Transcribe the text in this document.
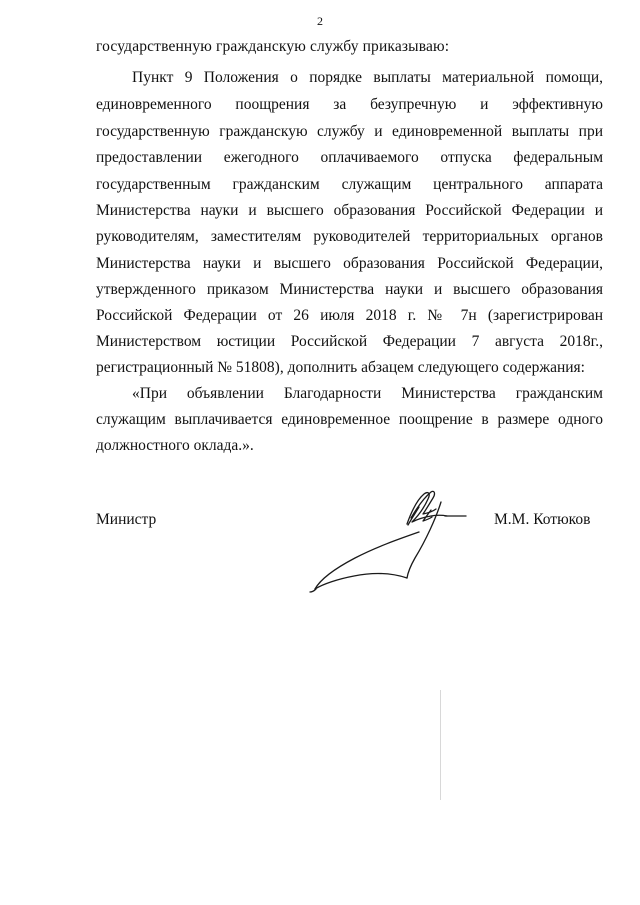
2
государственную гражданскую службу приказываю:
Пункт 9 Положения о порядке выплаты материальной помощи,
единовременного поощрения за безупречную и эффективную
государственную гражданскую службу и единовременной выплаты при
предоставлении ежегодного оплачиваемого отпуска федеральным
государственным гражданским служащим центрального аппарата
Министерства науки и высшего образования Российской Федерации и
руководителям, заместителям руководителей территориальных органов
Министерства науки и высшего образования Российской Федерации,
утвержденного приказом Министерства науки и высшего образования
Российской Федерации от 26 июля 2018 г. № 7н (зарегистрирован
Министерством юстиции Российской Федерации 7 августа 2018г.,
регистрационный № 51808), дополнить абзацем следующего содержания:
«При объявлении Благодарности Министерства гражданским
служащим выплачивается единовременное поощрение в размере одного
должностного оклада.».
Министр	М.М. Котюков
